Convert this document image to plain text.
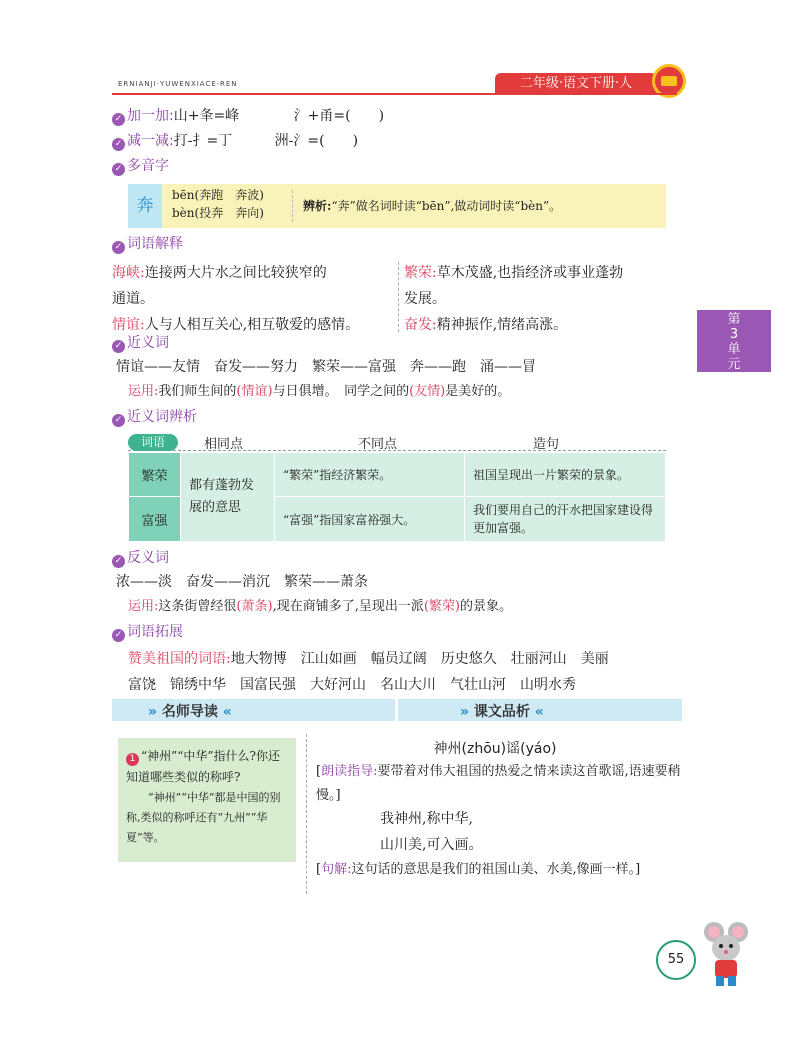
ERNIANJI·YUWENXIACE·REN	二年级·语文下册·人
第
3
单
元
✓ 加一加:山+夆=峰	氵+甬=(　　)
✓ 减一减:打-扌=丁	洲-氵=(　　)
✓ 多音字
奔
bēn(奔跑　奔波)
bèn(投奔　奔向)	辨析:“奔”做名词时读“bēn”,做动词时读“bèn”。
✓ 词语解释
海峡:连接两大片水之间比较狭窄的
通道。
情谊:人与人相互关心,相互敬爱的感情。
繁荣:草木茂盛,也指经济或事业蓬勃
发展。
奋发:精神振作,情绪高涨。
✓ 近义词
情谊——友情　奋发——努力　繁荣——富强　奔——跑　涌——冒
运用:我们师生间的(情谊)与日俱增。　同学之间的(友情)是美好的。
✓ 近义词辨析
相同点	不同点	造句
词语
繁荣	都有蓬勃发展的意思	“繁荣”指经济繁荣。	祖国呈现出一片繁荣的景象。
富强		“富强”指国家富裕强大。	我们要用自己的汗水把国家建设得更加富强。
✓ 反义词
浓——淡　奋发——消沉　繁荣——萧条
运用:这条街曾经很(萧条),现在商铺多了,呈现出一派(繁荣)的景象。
✓ 词语拓展
赞美祖国的词语:地大物博　江山如画　幅员辽阔　历史悠久　壮丽河山　美丽
富饶　锦绣中华　国富民强　大好河山　名山大川　气壮山河　山明水秀
» 名师导读 «	» 课文品析 «
1 “神州”“中华”指什么?你还知道哪些类似的称呼?
“神州”“中华”都是中国的别称,类似的称呼还有“九州”“华夏”等。
神州(zhōu)谣(yáo)
[朗读指导:要带着对伟大祖国的热爱之情来读这首歌谣,语速要稍慢。]
我神州,称中华,
山川美,可入画。
[句解:这句话的意思是我们的祖国山美、水美,像画一样。]
55
